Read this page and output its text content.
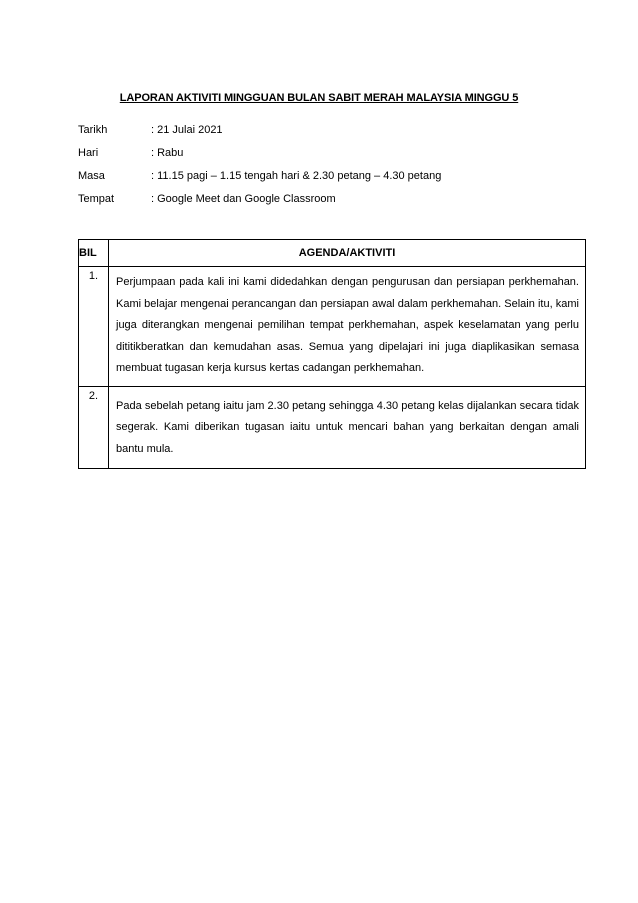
LAPORAN AKTIVITI MINGGUAN BULAN SABIT MERAH MALAYSIA MINGGU 5
Tarikh	: 21 Julai 2021
Hari	: Rabu
Masa	: 11.15 pagi – 1.15 tengah hari & 2.30 petang – 4.30 petang
Tempat	: Google Meet dan Google Classroom
BIL	AGENDA/AKTIVITI
1.	Perjumpaan pada kali ini kami didedahkan dengan pengurusan dan persiapan perkhemahan. Kami belajar mengenai perancangan dan persiapan awal dalam perkhemahan. Selain itu, kami juga diterangkan mengenai pemilihan tempat perkhemahan, aspek keselamatan yang perlu dititikberatkan dan kemudahan asas. Semua yang dipelajari ini juga diaplikasikan semasa membuat tugasan kerja kursus kertas cadangan perkhemahan.
2.	Pada sebelah petang iaitu jam 2.30 petang sehingga 4.30 petang kelas dijalankan secara tidak segerak. Kami diberikan tugasan iaitu untuk mencari bahan yang berkaitan dengan amali bantu mula.
